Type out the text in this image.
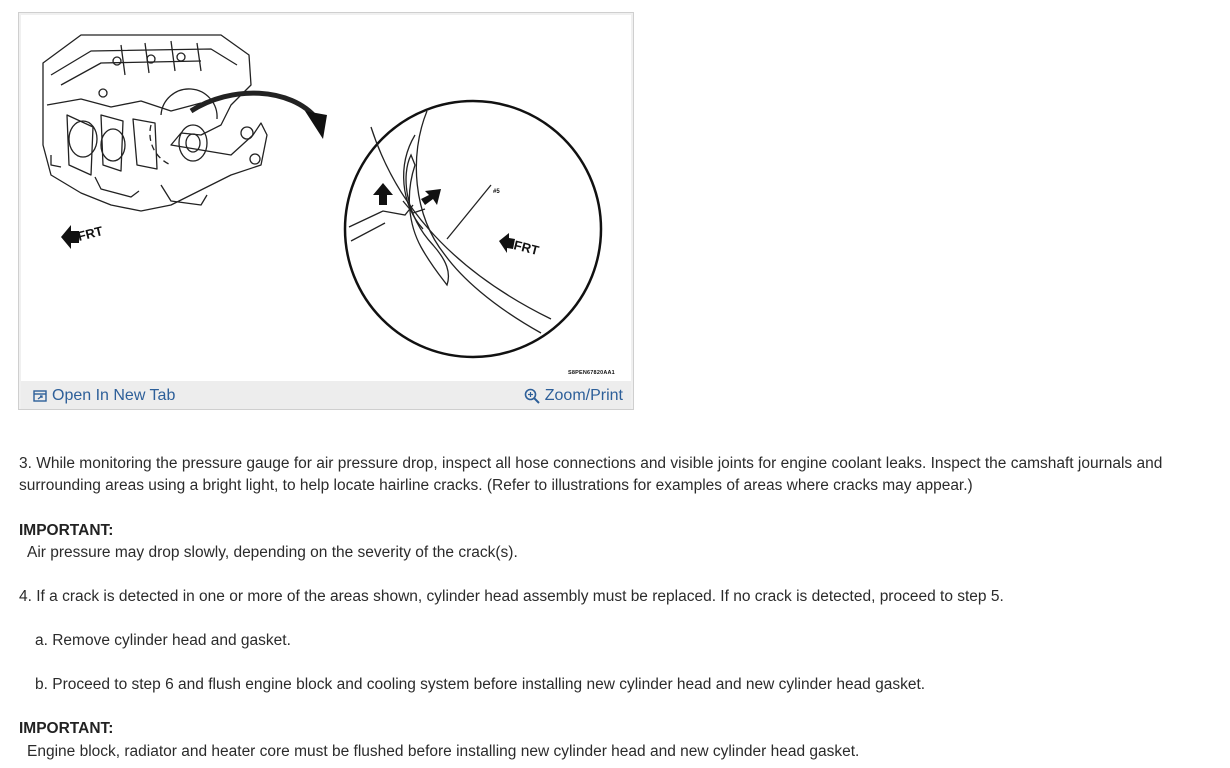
FRT
FRT
#5
S8PEN67820AA1
Open In New Tab	Zoom/Print
3. While monitoring the pressure gauge for air pressure drop, inspect all hose connections and visible joints for engine coolant leaks. Inspect the camshaft journals and surrounding areas using a bright light, to help locate hairline cracks. (Refer to illustrations for examples of areas where cracks may appear.)
IMPORTANT:
Air pressure may drop slowly, depending on the severity of the crack(s).
4. If a crack is detected in one or more of the areas shown, cylinder head assembly must be replaced. If no crack is detected, proceed to step 5.
a. Remove cylinder head and gasket.
b. Proceed to step 6 and flush engine block and cooling system before installing new cylinder head and new cylinder head gasket.
IMPORTANT:
Engine block, radiator and heater core must be flushed before installing new cylinder head and new cylinder head gasket.
